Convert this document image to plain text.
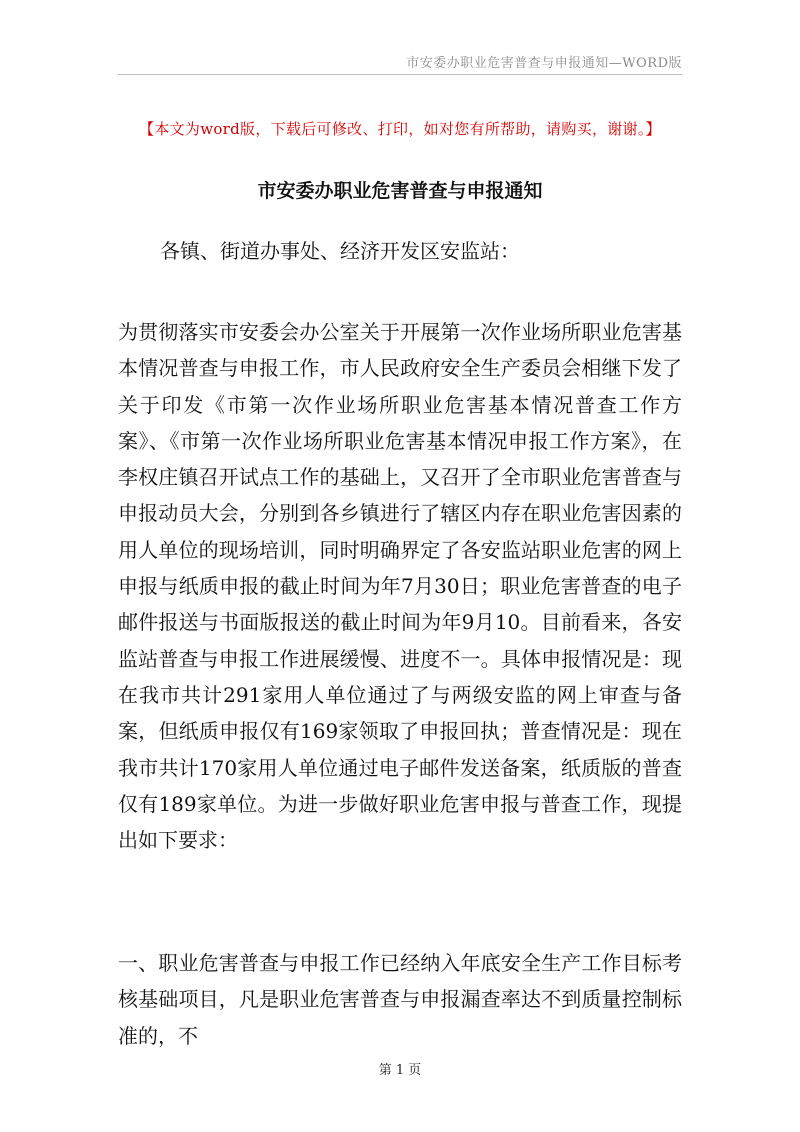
市安委办职业危害普查与申报通知—WORD版
【本文为word版，下载后可修改、打印，如对您有所帮助，请购买，谢谢。】
市安委办职业危害普查与申报通知
各镇、街道办事处、经济开发区安监站：
为贯彻落实市安委会办公室关于开展第一次作业场所职业危害基本情况普查与申报工作，市人民政府安全生产委员会相继下发了关于印发《市第一次作业场所职业危害基本情况普查工作方案》、《市第一次作业场所职业危害基本情况申报工作方案》，在李权庄镇召开试点工作的基础上，又召开了全市职业危害普查与申报动员大会，分别到各乡镇进行了辖区内存在职业危害因素的用人单位的现场培训，同时明确界定了各安监站职业危害的网上申报与纸质申报的截止时间为年7月30日；职业危害普查的电子邮件报送与书面版报送的截止时间为年9月10。目前看来，各安监站普查与申报工作进展缓慢、进度不一。具体申报情况是：现在我市共计291家用人单位通过了与两级安监的网上审查与备案，但纸质申报仅有169家领取了申报回执；普查情况是：现在我市共计170家用人单位通过电子邮件发送备案，纸质版的普查仅有189家单位。为进一步做好职业危害申报与普查工作，现提出如下要求：
一、职业危害普查与申报工作已经纳入年底安全生产工作目标考核基础项目，凡是职业危害普查与申报漏查率达不到质量控制标准的，不
第 1 页
